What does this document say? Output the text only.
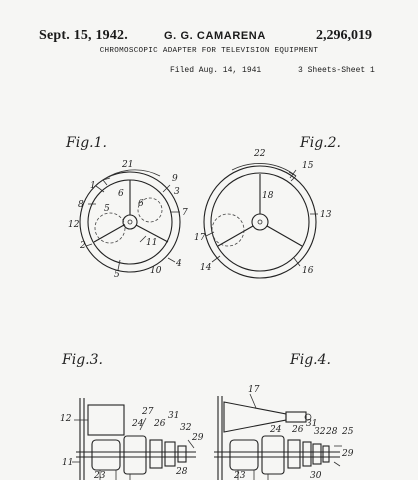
Sept. 15, 1942.	G. G. CAMARENA	2,296,019
CHROMOSCOPIC ADAPTER FOR TELEVISION EQUIPMENT
Filed Aug. 14, 1941	3 Sheets-Sheet 1
Fig.1.
21
9
1
6	3
8 5	6
7
12
11
2
4
5	10
Fig.2.
22
15
18
13
17
14	16
Fig.3.
12
27
24 26
31
32
29
11
23	28
Fig.4.
17
31
32 28 25
24 26
29
23	30
